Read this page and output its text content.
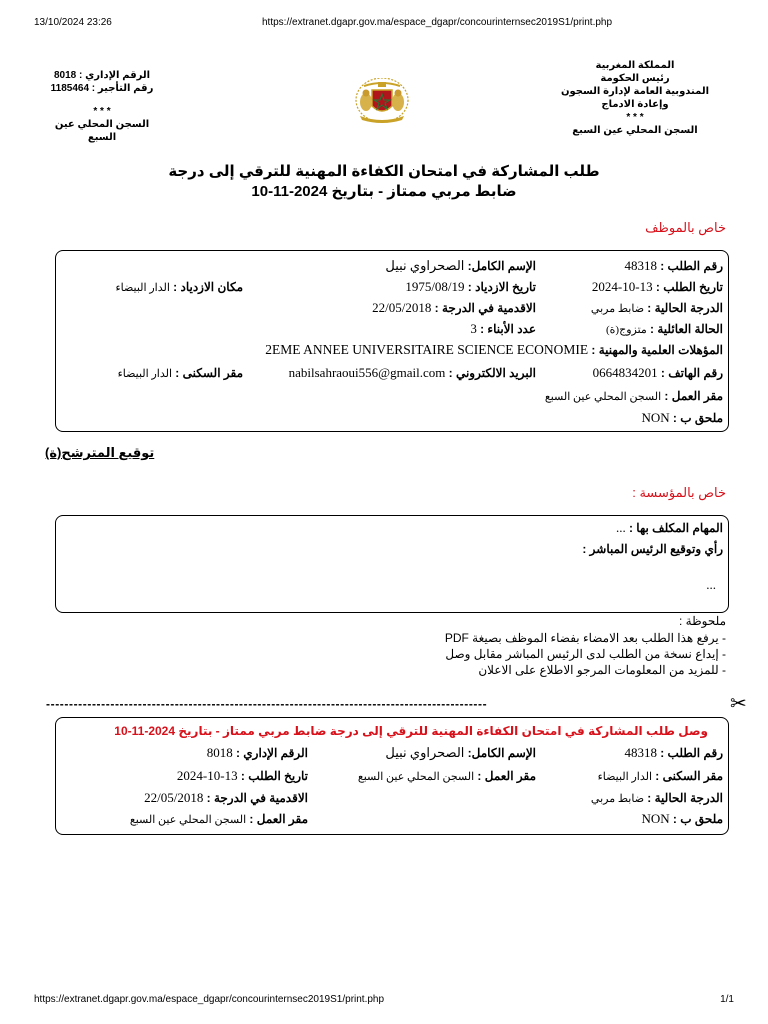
13/10/2024 23:26	https://extranet.dgapr.gov.ma/espace_dgapr/concourinternsec2019S1/print.php
المملكة المغربية
رئيس الحكومة
المندوبية العامة لإدارة السجون
وإعادة الادماج
* * *
السجن المحلي عين السبع
الرقم الإداري : 8018
رقم التأجير : 1185464
* * *
السجن المحلي عين السبع
طلب المشاركة في امتحان الكفاءة المهنية للترقي إلى درجة
ضابط مربي ممتاز - بتاريخ 2024-11-10
خاص بالموظف
رقم الطلب : 48318
الإسم الكامل: الصحراوي نبيل
تاريخ الطلب : 13-10-2024
تاريخ الازدياد : 1975/08/19
مكان الازدياد : الدار البيضاء
الدرجة الحالية : ضابط مربي
الاقدمية في الدرجة : 22/05/2018
الحالة العائلية : متزوج(ة)
عدد الأبناء : 3
المؤهلات العلمية والمهنية : 2EME ANNEE UNIVERSITAIRE SCIENCE ECONOMIE
رقم الهاتف : 0664834201
البريد الالكتروني : nabilsahraoui556@gmail.com
مقر السكنى : الدار البيضاء
مقر العمل : السجن المحلي عين السبع
ملحق ب : NON
توقيع المترشح(ة)
خاص بالمؤسسة :
المهام المكلف بها : ...
رأي وتوقيع الرئيس المباشر :
...
ملحوظة :
- يرفع هذا الطلب بعد الامضاء بفضاء الموظف بصيغة PDF
- إيداع نسخة من الطلب لدى الرئيس المباشر مقابل وصل
- للمزيد من المعلومات المرجو الاطلاع على الاعلان
------------------------------------------------------------------------------------------------	✂
وصل طلب المشاركة في امتحان الكفاءة المهنية للترقي إلى درجة ضابط مربي ممتاز - بتاريخ 2024-11-10
رقم الطلب : 48318
الإسم الكامل: الصحراوي نبيل
الرقم الإداري : 8018
مقر السكنى : الدار البيضاء
مقر العمل : السجن المحلي عين السبع
تاريخ الطلب : 13-10-2024
الدرجة الحالية : ضابط مربي
الاقدمية في الدرجة : 22/05/2018
ملحق ب : NON
مقر العمل : السجن المحلي عين السبع
https://extranet.dgapr.gov.ma/espace_dgapr/concourinternsec2019S1/print.php	1/1
